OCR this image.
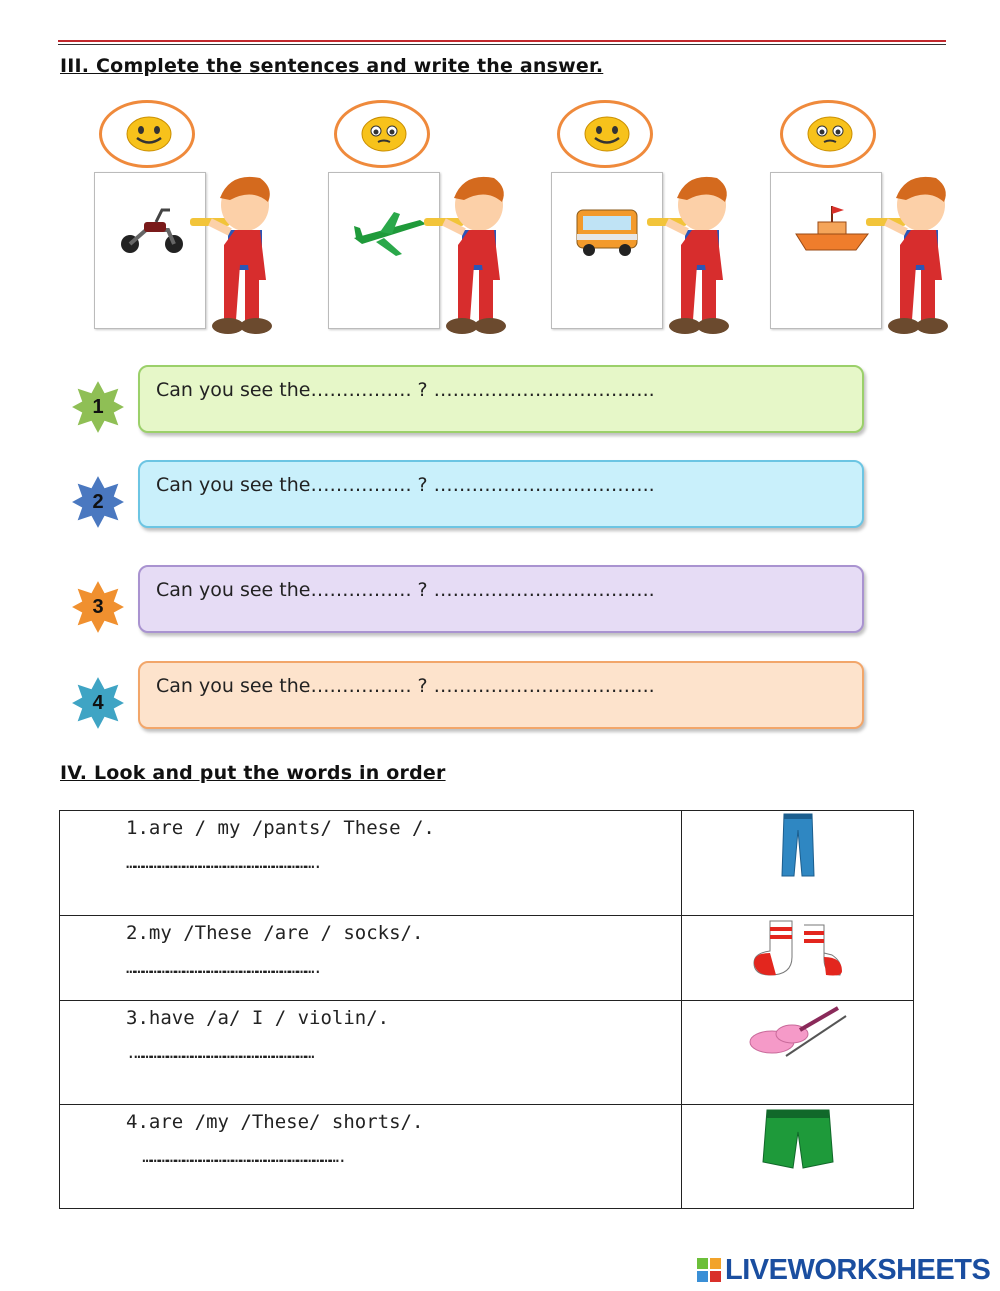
III. Complete the sentences and write the answer.
1
Can you see the……………. ? ……………………………..
2
Can you see the……………. ? ……………………………..
3
Can you see the……………. ? ……………………………..
4
Can you see the……………. ? ……………………………..
IV. Look and put the words in order
1.are / my /pants/ These /.
…………………………………………………………….

2.my /These /are / socks/.
…………………………………………………………….

3.have /a/ I / violin/.
.…………………………………………………………

4.are /my /These/ shorts/.
……………………………………………………………….

LIVEWORKSHEETS
